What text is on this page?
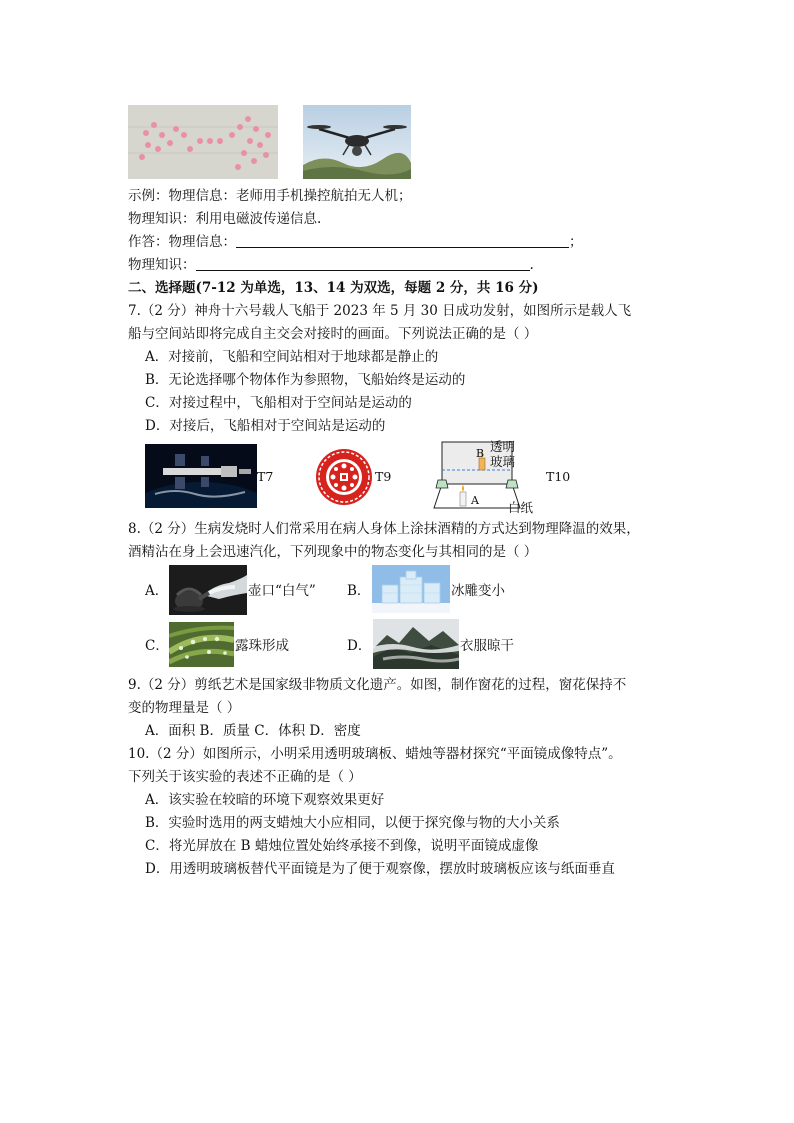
示例：物理信息：老师用手机操控航拍无人机；
物理知识：利用电磁波传递信息.
作答：物理信息：	；
物理知识：	.
二、选择题(7-12 为单选，13、14 为双选，每题 2 分，共 16 分)
7.（2 分）神舟十六号载人飞船于 2023 年 5 月 30 日成功发射，如图所示是载人飞
船与空间站即将完成自主交会对接时的画面。下列说法正确的是（ ）
A．对接前，飞船和空间站相对于地球都是静止的
B．无论选择哪个物体作为参照物，飞船始终是运动的
C．对接过程中，飞船相对于空间站是运动的
D．对接后，飞船相对于空间站是运动的
T7	T9
透明
玻璃
B
A 白纸
T10
8.（2 分）生病发烧时人们常采用在病人身体上涂抹酒精的方式达到物理降温的效果，
酒精沾在身上会迅速汽化，下列现象中的物态变化与其相同的是（ ）
A．	壶口“白气” B．	冰雕变小
C．	露珠形成	D．	衣服晾干
9.（2 分）剪纸艺术是国家级非物质文化遗产。如图，制作窗花的过程，窗花保持不
变的物理量是（ ）
A．面积 B．质量 C．体积 D．密度
10.（2 分）如图所示，小明采用透明玻璃板、蜡烛等器材探究“平面镜成像特点”。
下列关于该实验的表述不正确的是（ ）
A．该实验在较暗的环境下观察效果更好
B．实验时选用的两支蜡烛大小应相同，以便于探究像与物的大小关系
C．将光屏放在 B 蜡烛位置处始终承接不到像，说明平面镜成虚像
D．用透明玻璃板替代平面镜是为了便于观察像，摆放时玻璃板应该与纸面垂直
